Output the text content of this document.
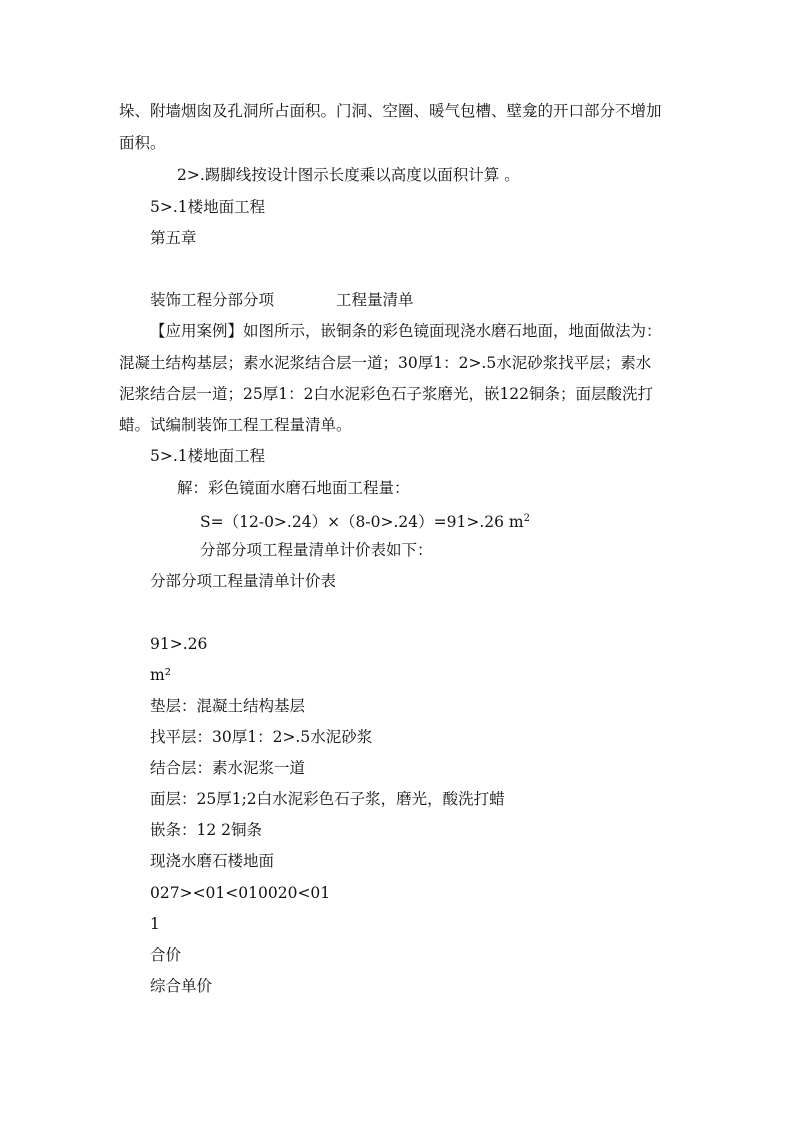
垛、附墙烟囱及孔洞所占面积。门洞、空圈、暖气包槽、壁龛的开口部分不增加
面积。
2>.踢脚线按设计图示长度乘以高度以面积计算 。
5>.1楼地面工程
第五章
装饰工程分部分项	工程量清单
【应用案例】如图所示，嵌铜条的彩色镜面现浇水磨石地面，地面做法为：
混凝土结构基层；素水泥浆结合层一道；30厚1：2>.5水泥砂浆找平层；素水
泥浆结合层一道；25厚1：2白水泥彩色石子浆磨光，嵌122铜条；面层酸洗打
蜡。试编制装饰工程工程量清单。
5>.1楼地面工程
解：彩色镜面水磨石地面工程量：
S=（12-0>.24）×（8-0>.24）=91>.26 $m^2$
分部分项工程量清单计价表如下：
分部分项工程量清单计价表
91>.26
m²
垫层：混凝土结构基层
找平层：30厚1：2>.5水泥砂浆
结合层：素水泥浆一道
面层：25厚1;2白水泥彩色石子浆，磨光，酸洗打蜡
嵌条：12 2铜条
现浇水磨石楼地面
027><01<010020<01
1
合价
综合单价
